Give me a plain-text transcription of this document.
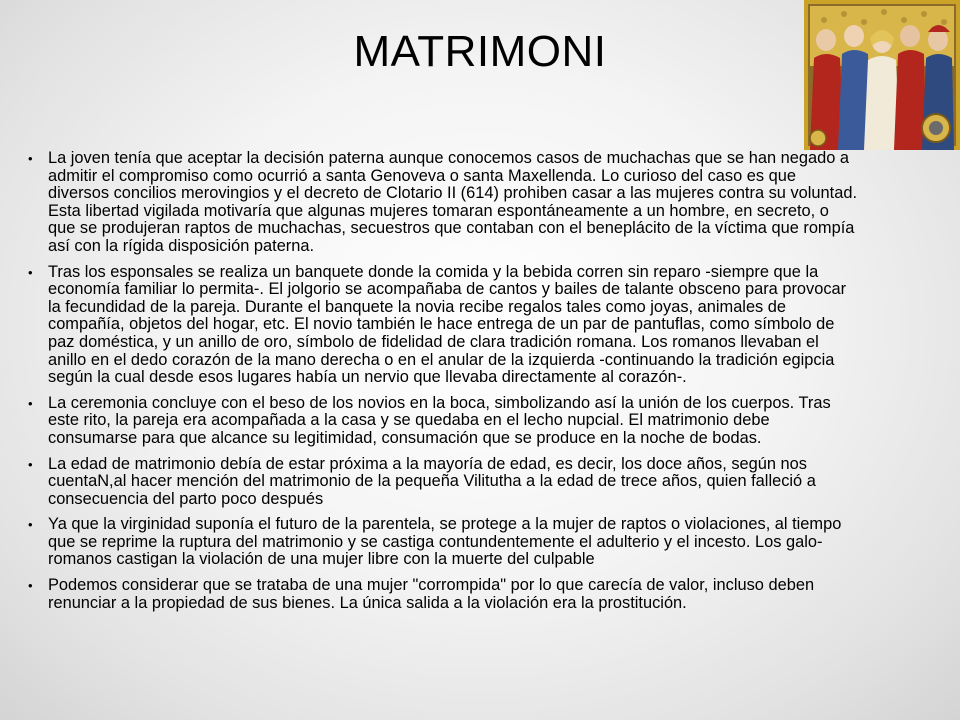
MATRIMONI
• La joven tenía que aceptar la decisión paterna aunque conocemos casos de muchachas que se han negado a admitir el compromiso como ocurrió a santa Genoveva o santa Maxellenda. Lo curioso del caso es que diversos concilios merovingios y el decreto de Clotario II (614) prohiben casar a las mujeres contra su voluntad. Esta libertad vigilada motivaría que algunas mujeres tomaran espontáneamente a un hombre, en secreto, o que se produjeran raptos de muchachas, secuestros que contaban con el beneplácito de la víctima que rompía así con la rígida disposición paterna.
• Tras los esponsales se realiza un banquete donde la comida y la bebida corren sin reparo -siempre que la economía familiar lo permita-. El jolgorio se acompañaba de cantos y bailes de talante obsceno para provocar la fecundidad de la pareja. Durante el banquete la novia recibe regalos tales como joyas, animales de compañía, objetos del hogar, etc. El novio también le hace entrega de un par de pantuflas, como símbolo de paz doméstica, y un anillo de oro, símbolo de fidelidad de clara tradición romana. Los romanos llevaban el anillo en el dedo corazón de la mano derecha o en el anular de la izquierda -continuando la tradición egipcia según la cual desde esos lugares había un nervio que llevaba directamente al corazón-.
• La ceremonia concluye con el beso de los novios en la boca, simbolizando así la unión de los cuerpos. Tras este rito, la pareja era acompañada a la casa y se quedaba en el lecho nupcial. El matrimonio debe consumarse para que alcance su legitimidad, consumación que se produce en la noche de bodas.
• La edad de matrimonio debía de estar próxima a la mayoría de edad, es decir, los doce años, según nos cuentaN,al hacer mención del matrimonio de la pequeña Vilitutha a la edad de trece años, quien falleció a consecuencia del parto poco después
• Ya que la virginidad suponía el futuro de la parentela, se protege a la mujer de raptos o violaciones, al tiempo que se reprime la ruptura del matrimonio y se castiga contundentemente el adulterio y el incesto. Los galo-romanos castigan la violación de una mujer libre con la muerte del culpable
• Podemos considerar que se trataba de una mujer "corrompida" por lo que carecía de valor, incluso deben renunciar a la propiedad de sus bienes. La única salida a la violación era la prostitución.
